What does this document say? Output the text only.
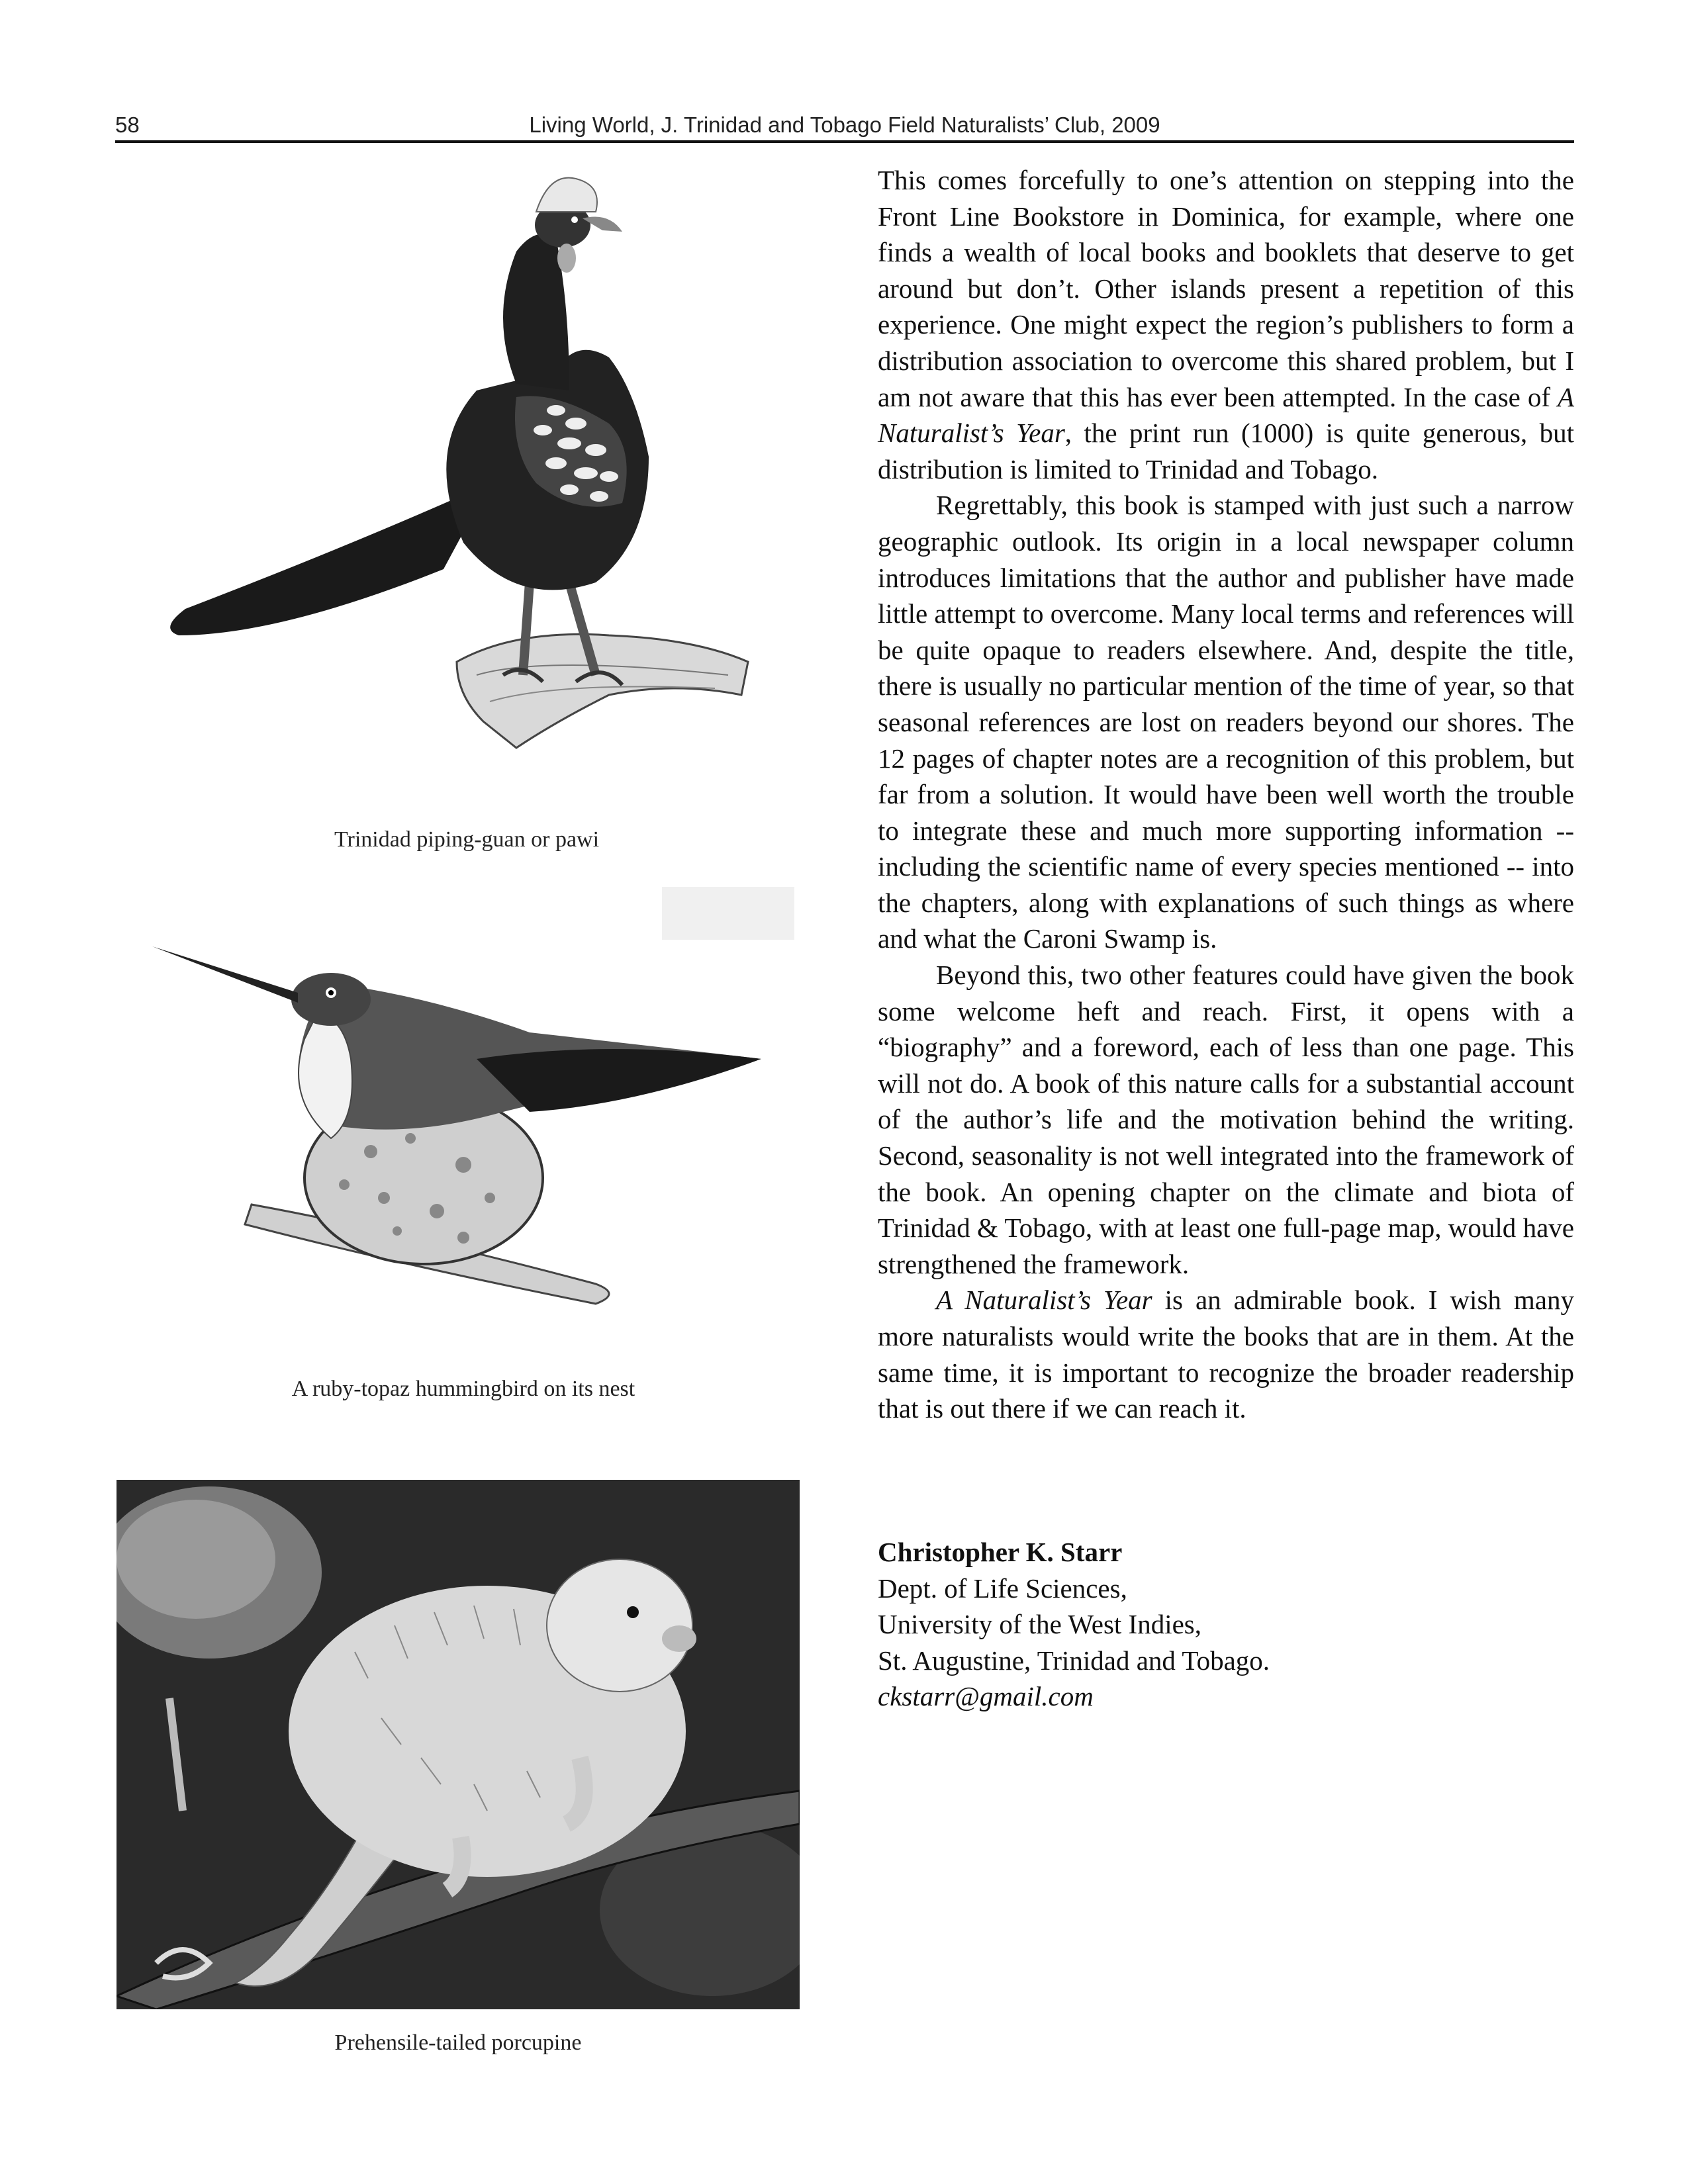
58	Living World, J. Trinidad and Tobago Field Naturalists’ Club, 2009
Trinidad piping-guan or pawi
A ruby-topaz hummingbird on its nest
Prehensile-tailed porcupine

This comes forcefully to one’s attention on stepping into the Front Line Bookstore in Dominica, for example, where one finds a wealth of local books and booklets that deserve to get around but don’t. Other islands present a repetition of this experience. One might expect the region’s publishers to form a distribution association to overcome this shared problem, but I am not aware that this has ever been attempted. In the case of A Naturalist’s Year, the print run (1000) is quite generous, but distribution is limited to Trinidad and Tobago.

Regrettably, this book is stamped with just such a narrow geographic outlook. Its origin in a local newspaper column introduces limitations that the author and publisher have made little attempt to overcome. Many local terms and references will be quite opaque to readers elsewhere. And, despite the title, there is usually no particular mention of the time of year, so that seasonal references are lost on readers beyond our shores. The 12 pages of chapter notes are a recognition of this problem, but far from a solution. It would have been well worth the trouble to integrate these and much more supporting information -- including the scientific name of every species mentioned -- into the chapters, along with explanations of such things as where and what the Caroni Swamp is.

Beyond this, two other features could have given the book some welcome heft and reach. First, it opens with a “biography” and a foreword, each of less than one page. This will not do. A book of this nature calls for a substantial account of the author’s life and the motivation behind the writing. Second, seasonality is not well integrated into the framework of the book. An opening chapter on the climate and biota of Trinidad & Tobago, with at least one full-page map, would have strengthened the framework.

A Naturalist’s Year is an admirable book. I wish many more naturalists would write the books that are in them. At the same time, it is important to recognize the broader readership that is out there if we can reach it.

Christopher K. Starr
Dept. of Life Sciences,
University of the West Indies,
St. Augustine, Trinidad and Tobago.
ckstarr@gmail.com
